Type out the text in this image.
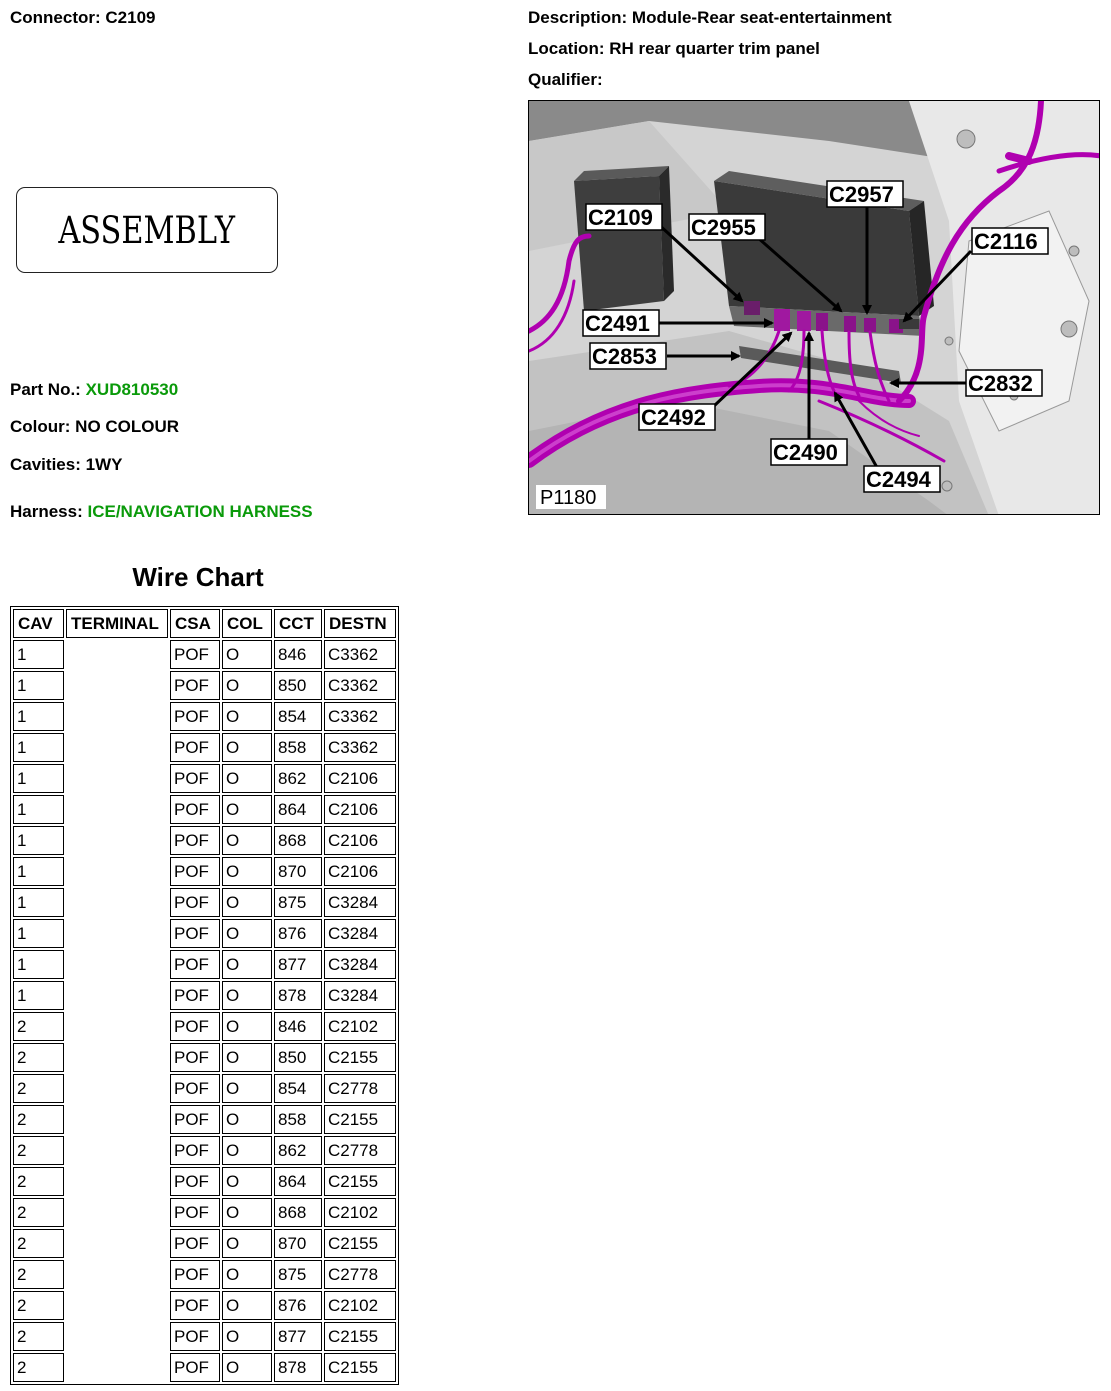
Connector: C2109	Description: Module-Rear seat-entertainment
Location: RH rear quarter trim panel
Qualifier:
ASSEMBLY
Part No.: XUD810530
Colour: NO COLOUR
Cavities: 1WY
Harness: ICE/NAVIGATION HARNESS
Wire Chart
CAV	TERMINAL	CSA	COL	CCT	DESTN
1		POF	O	846	C3362
1		POF	O	850	C3362
1		POF	O	854	C3362
1		POF	O	858	C3362
1		POF	O	862	C2106
1		POF	O	864	C2106
1		POF	O	868	C2106
1		POF	O	870	C2106
1		POF	O	875	C3284
1		POF	O	876	C3284
1		POF	O	877	C3284
1		POF	O	878	C3284
2		POF	O	846	C2102
2		POF	O	850	C2155
2		POF	O	854	C2778
2		POF	O	858	C2155
2		POF	O	862	C2778
2		POF	O	864	C2155
2		POF	O	868	C2102
2		POF	O	870	C2155
2		POF	O	875	C2778
2		POF	O	876	C2102
2		POF	O	877	C2155
2		POF	O	878	C2155
C2109 C2955
C2957
C2116
C2491
C2853
C2832
C2492
C2490
C2494
P1180
